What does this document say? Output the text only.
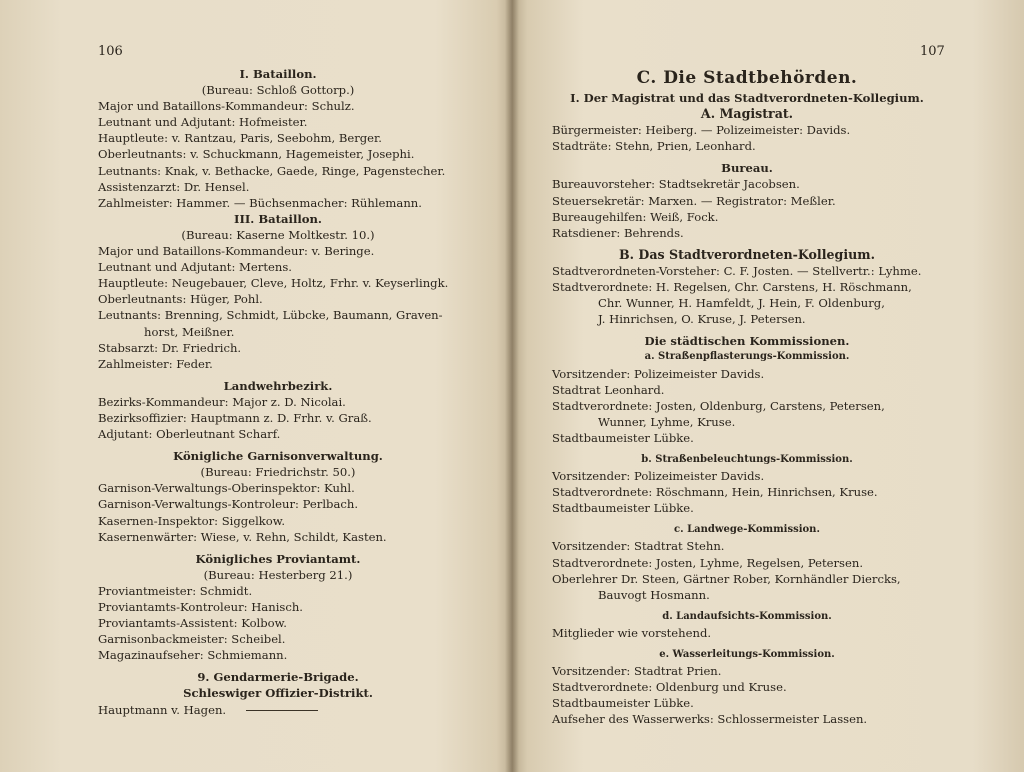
106
I. Bataillon.
(Bureau: Schloß Gottorp.)
Major und Bataillons-Kommandeur: Schulz.
Leutnant und Adjutant: Hofmeister.
Hauptleute: v. Rantzau, Paris, Seebohm, Berger.
Oberleutnants: v. Schuckmann, Hagemeister, Josephi.
Leutnants: Knak, v. Bethacke, Gaede, Ringe, Pagenstecher.
Assistenzarzt: Dr. Hensel.
Zahlmeister: Hammer. — Büchsenmacher: Rühlemann.
III. Bataillon.
(Bureau: Kaserne Moltkestr. 10.)
Major und Bataillons-Kommandeur: v. Beringe.
Leutnant und Adjutant: Mertens.
Hauptleute: Neugebauer, Cleve, Holtz, Frhr. v. Keyserlingk.
Oberleutnants: Hüger, Pohl.
Leutnants: Brenning, Schmidt, Lübcke, Baumann, Graven-
horst, Meißner.
Stabsarzt: Dr. Friedrich.
Zahlmeister: Feder.
Landwehrbezirk.
Bezirks-Kommandeur: Major z. D. Nicolai.
Bezirksoffizier: Hauptmann z. D. Frhr. v. Graß.
Adjutant: Oberleutnant Scharf.
Königliche Garnisonverwaltung.
(Bureau: Friedrichstr. 50.)
Garnison-Verwaltungs-Oberinspektor: Kuhl.
Garnison-Verwaltungs-Kontroleur: Perlbach.
Kasernen-Inspektor: Siggelkow.
Kasernenwärter: Wiese, v. Rehn, Schildt, Kasten.
Königliches Proviantamt.
(Bureau: Hesterberg 21.)
Proviantmeister: Schmidt.
Proviantamts-Kontroleur: Hanisch.
Proviantamts-Assistent: Kolbow.
Garnisonbackmeister: Scheibel.
Magazinaufseher: Schmiemann.
9. Gendarmerie-Brigade.
Schleswiger Offizier-Distrikt.
Hauptmann v. Hagen.
107
C. Die Stadtbehörden.
I. Der Magistrat und das Stadtverordneten-Kollegium.
A. Magistrat.
Bürgermeister: Heiberg. — Polizeimeister: Davids.
Stadträte: Stehn, Prien, Leonhard.
Bureau.
Bureauvorsteher: Stadtsekretär Jacobsen.
Steuersekretär: Marxen. — Registrator: Meßler.
Bureaugehilfen: Weiß, Fock.
Ratsdiener: Behrends.
B. Das Stadtverordneten-Kollegium.
Stadtverordneten-Vorsteher: C. F. Josten. — Stellvertr.: Lyhme.
Stadtverordnete: H. Regelsen, Chr. Carstens, H. Röschmann,
Chr. Wunner, H. Hamfeldt, J. Hein, F. Oldenburg,
J. Hinrichsen, O. Kruse, J. Petersen.
Die städtischen Kommissionen.
a. Straßenpflasterungs-Kommission.
Vorsitzender: Polizeimeister Davids.
Stadtrat Leonhard.
Stadtverordnete: Josten, Oldenburg, Carstens, Petersen,
Wunner, Lyhme, Kruse.
Stadtbaumeister Lübke.
b. Straßenbeleuchtungs-Kommission.
Vorsitzender: Polizeimeister Davids.
Stadtverordnete: Röschmann, Hein, Hinrichsen, Kruse.
Stadtbaumeister Lübke.
c. Landwege-Kommission.
Vorsitzender: Stadtrat Stehn.
Stadtverordnete: Josten, Lyhme, Regelsen, Petersen.
Oberlehrer Dr. Steen, Gärtner Rober, Kornhändler Diercks,
Bauvogt Hosmann.
d. Landaufsichts-Kommission.
Mitglieder wie vorstehend.
e. Wasserleitungs-Kommission.
Vorsitzender: Stadtrat Prien.
Stadtverordnete: Oldenburg und Kruse.
Stadtbaumeister Lübke.
Aufseher des Wasserwerks: Schlossermeister Lassen.
